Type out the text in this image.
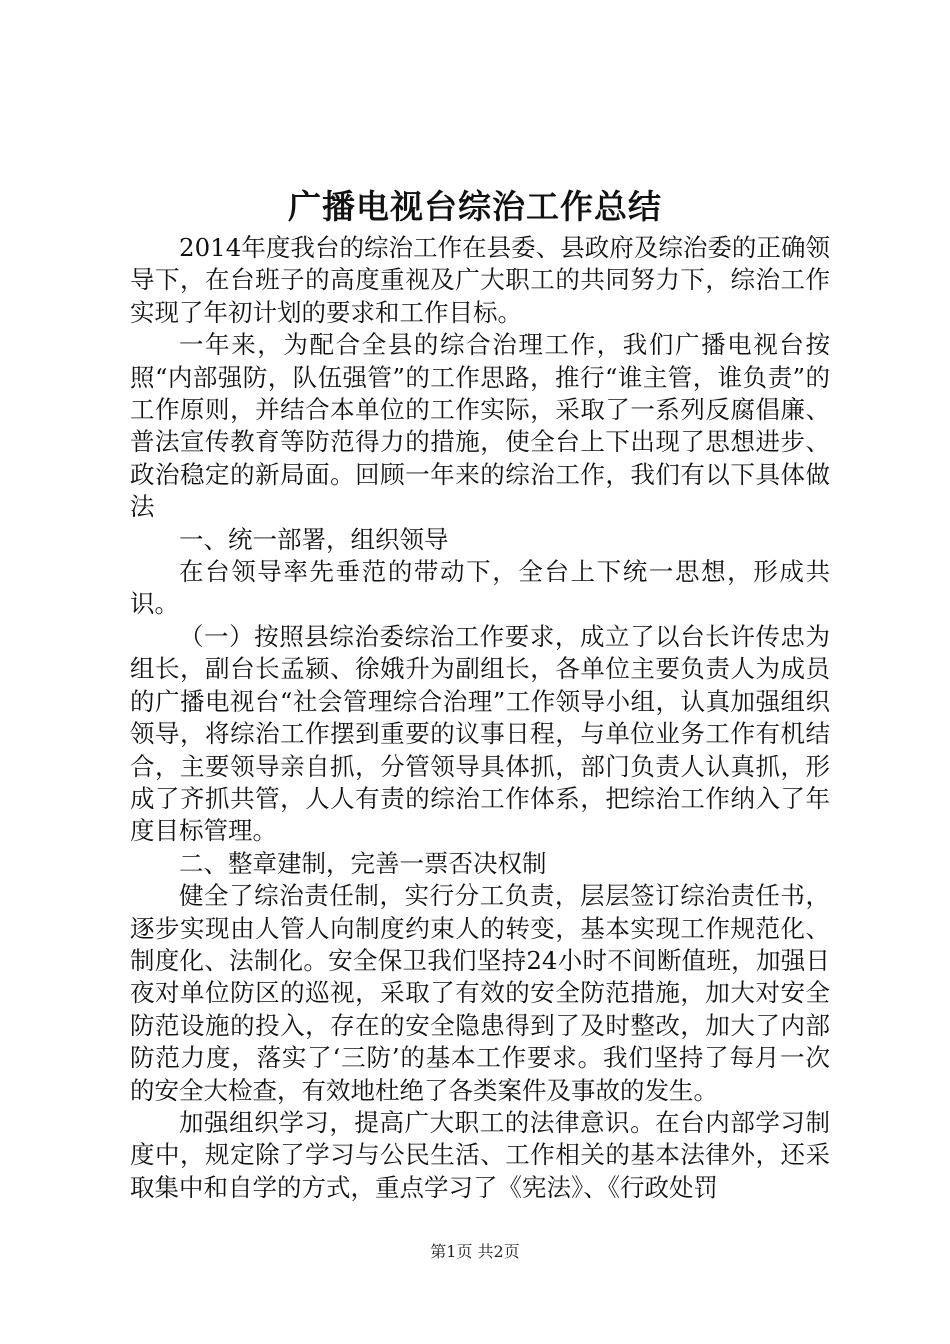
广播电视台综治工作总结

2014年度我台的综治工作在县委、县政府及综治委的正确领导下，在台班子的高度重视及广大职工的共同努力下，综治工作实现了年初计划的要求和工作目标。

一年来，为配合全县的综合治理工作，我们广播电视台按照“内部强防，队伍强管”的工作思路，推行“谁主管，谁负责”的工作原则，并结合本单位的工作实际，采取了一系列反腐倡廉、普法宣传教育等防范得力的措施，使全台上下出现了思想进步、政治稳定的新局面。回顾一年来的综治工作，我们有以下具体做法

一、统一部署，组织领导

在台领导率先垂范的带动下，全台上下统一思想，形成共识。

（一）按照县综治委综治工作要求，成立了以台长许传忠为组长，副台长孟颍、徐娥升为副组长，各单位主要负责人为成员的广播电视台“社会管理综合治理”工作领导小组，认真加强组织领导，将综治工作摆到重要的议事日程，与单位业务工作有机结合，主要领导亲自抓，分管领导具体抓，部门负责人认真抓，形成了齐抓共管，人人有责的综治工作体系，把综治工作纳入了年度目标管理。

二、整章建制，完善一票否决权制

健全了综治责任制，实行分工负责，层层签订综治责任书，逐步实现由人管人向制度约束人的转变，基本实现工作规范化、制度化、法制化。安全保卫我们坚持24小时不间断值班，加强日夜对单位防区的巡视，采取了有效的安全防范措施，加大对安全防范设施的投入，存在的安全隐患得到了及时整改，加大了内部防范力度，落实了‘三防’的基本工作要求。我们坚持了每月一次的安全大检查，有效地杜绝了各类案件及事故的发生。

加强组织学习，提高广大职工的法律意识。在台内部学习制度中，规定除了学习与公民生活、工作相关的基本法律外，还采取集中和自学的方式，重点学习了《宪法》、《行政处罚

第1页 共2页
